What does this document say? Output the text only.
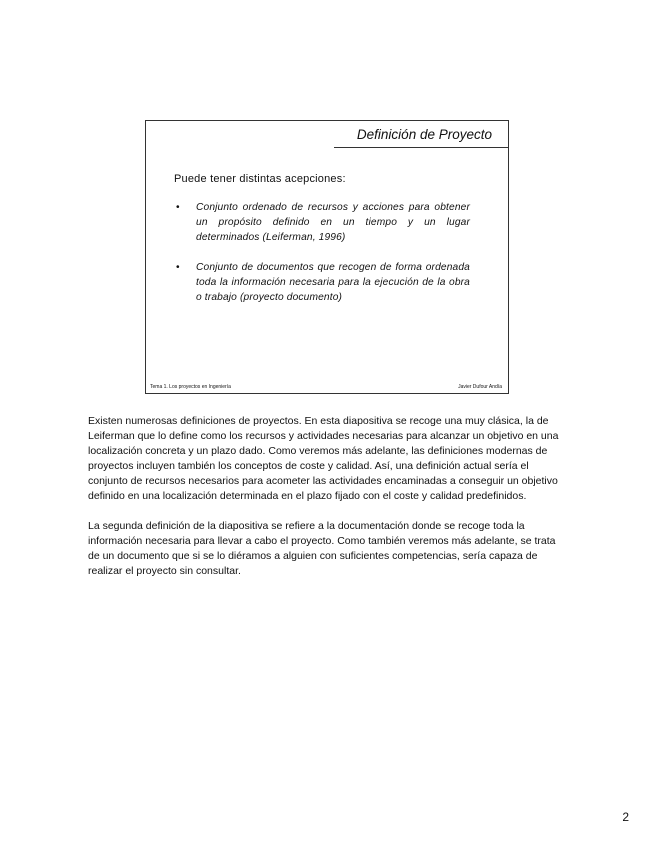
Definición de Proyecto
Puede tener distintas acepciones:
• Conjunto ordenado de recursos y acciones para obtener un propósito definido en un tiempo y un lugar determinados (Leiferman, 1996)
• Conjunto de documentos que recogen de forma ordenada toda la información necesaria para la ejecución de la obra o trabajo (proyecto documento)
Tema 1. Los proyectos en Ingeniería	Javier Dufour Andía

Existen numerosas definiciones de proyectos. En esta diapositiva se recoge una muy clásica, la de Leiferman que lo define como los recursos y actividades necesarias para alcanzar un objetivo en una localización concreta y un plazo dado. Como veremos más adelante, las definiciones modernas de proyectos incluyen también los conceptos de coste y calidad. Así, una definición actual sería el conjunto de recursos necesarios para acometer las actividades encaminadas a conseguir un objetivo definido en una localización determinada en el plazo fijado con el coste y calidad predefinidos.

La segunda definición de la diapositiva se refiere a la documentación donde se recoge toda la información necesaria para llevar a cabo el proyecto. Como también veremos más adelante, se trata de un documento que si se lo diéramos a alguien con suficientes competencias, sería capaza de realizar el proyecto sin consultar.

2
